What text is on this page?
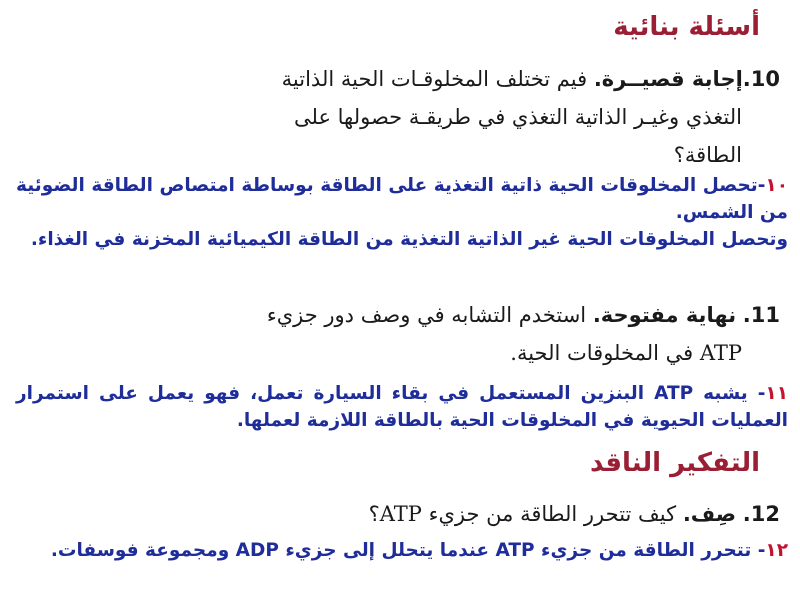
أسئلة بنائية
10.إجابة قصيــرة. فيم تختلف المخلوقـات الحية الذاتية
التغذي وغيـر الذاتية التغذي في طريقـة حصولها على
الطاقة؟
١٠-تحصل المخلوقات الحية ذاتية التغذية على الطاقة بوساطة امتصاص الطاقة الضوئية من الشمس.
وتحصل المخلوقات الحية غير الذاتية التغذية من الطاقة الكيميائية المخزنة في الغذاء.
11. نهاية مفتوحة. استخدم التشابه في وصف دور جزيء
ATP في المخلوقات الحية.
١١- يشبه ATP البنزين المستعمل في بقاء السيارة تعمل، فهو يعمل على استمرار العمليات الحيوية في المخلوقات الحية بالطاقة اللازمة لعملها.
التفكير الناقد
12. صِف. كيف تتحرر الطاقة من جزيء ATP؟
١٢- تتحرر الطاقة من جزيء ATP عندما يتحلل إلى جزيء ADP ومجموعة فوسفات.
